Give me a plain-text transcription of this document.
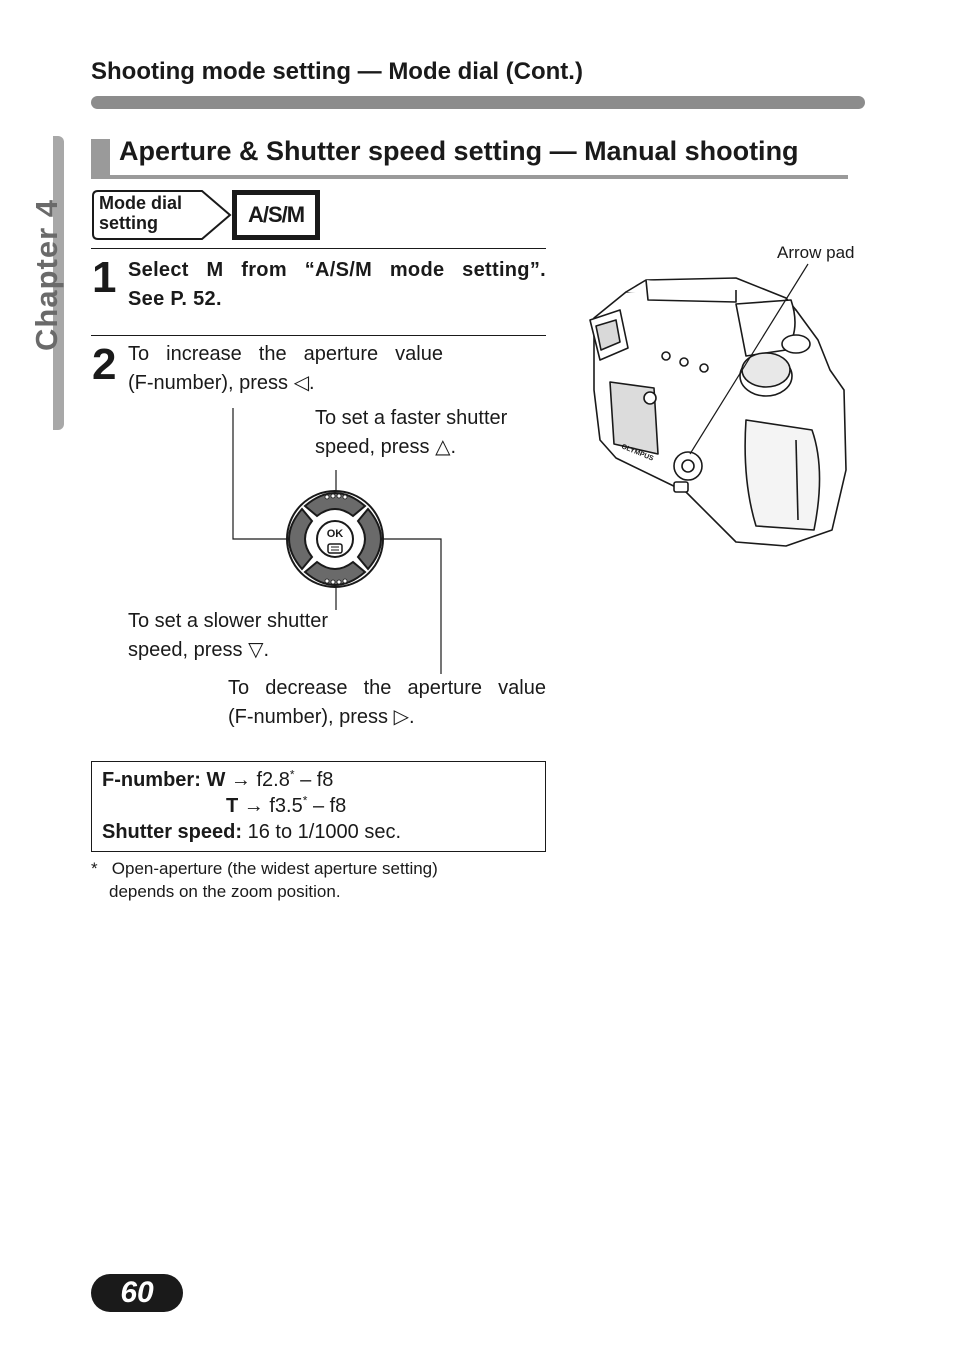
Shooting mode setting — Mode dial (Cont.)
Chapter 4
Aperture & Shutter speed setting — Manual shooting
Mode dial
setting	A/S/M
1 Select M from “A/S/M mode setting”.
See P. 52.
2 To increase the aperture value
(F-number), press ◁.
To set a faster shutter
speed, press △.
To set a slower shutter
speed, press ▽.
To decrease the aperture value
(F-number), press ▷.
OK
F-number: W → f2.8* – f8
T → f3.5* – f8
Shutter speed: 16 to 1/1000 sec.
* Open-aperture (the widest aperture setting)
depends on the zoom position.
Arrow pad
OLYMPUS
60
